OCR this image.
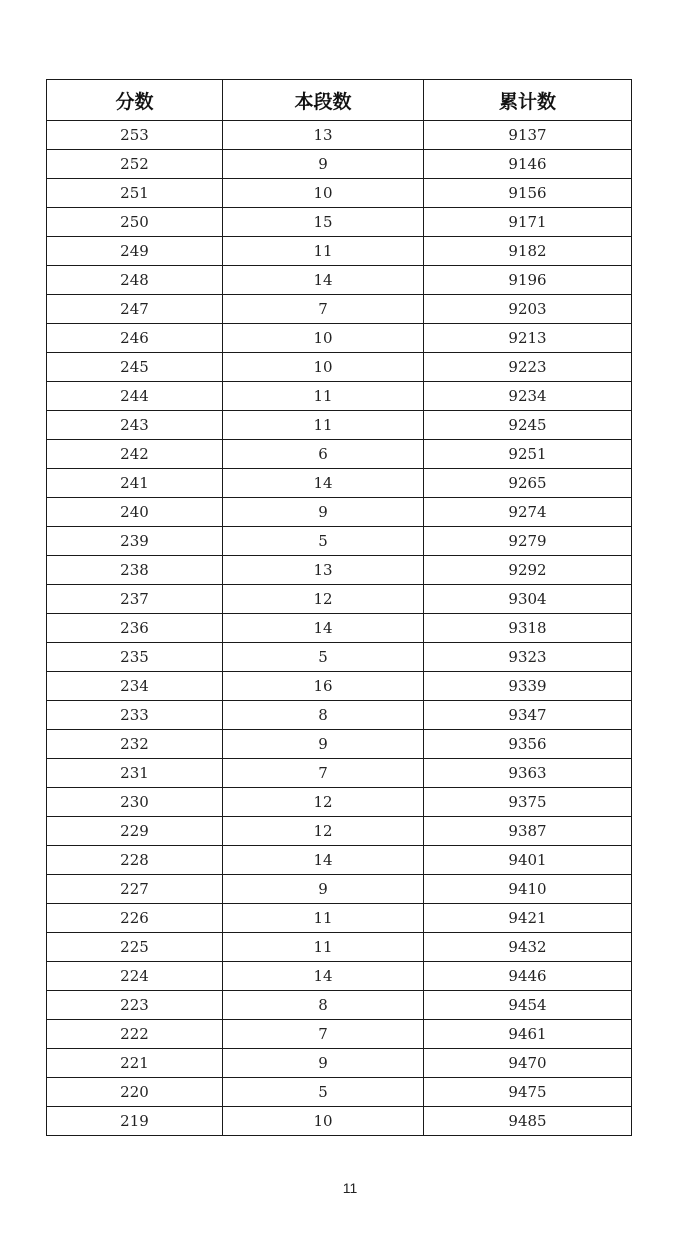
分数	本段数	累计数
253	13	9137
252	9	9146
251	10	9156
250	15	9171
249	11	9182
248	14	9196
247	7	9203
246	10	9213
245	10	9223
244	11	9234
243	11	9245
242	6	9251
241	14	9265
240	9	9274
239	5	9279
238	13	9292
237	12	9304
236	14	9318
235	5	9323
234	16	9339
233	8	9347
232	9	9356
231	7	9363
230	12	9375
229	12	9387
228	14	9401
227	9	9410
226	11	9421
225	11	9432
224	14	9446
223	8	9454
222	7	9461
221	9	9470
220	5	9475
219	10	9485
11
